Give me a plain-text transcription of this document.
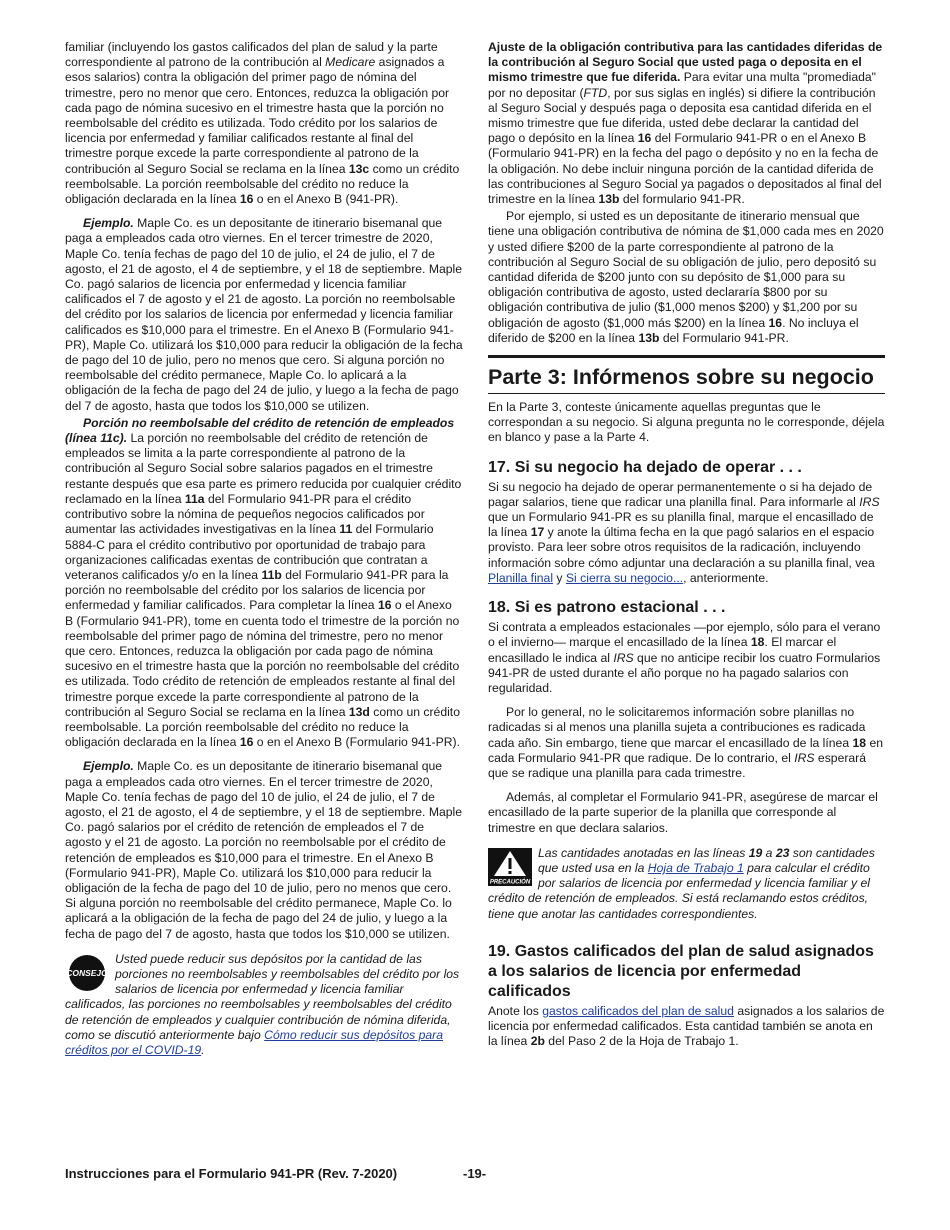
familiar (incluyendo los gastos calificados del plan de salud y la parte correspondiente al patrono de la contribución al Medicare asignados a esos salarios) contra la obligación del primer pago de nómina del trimestre, pero no menor que cero. Entonces, reduzca la obligación por cada pago de nómina sucesivo en el trimestre hasta que la porción no reembolsable del crédito es utilizada. Todo crédito por los salarios de licencia por enfermedad y familiar calificados restante al final del trimestre porque excede la parte correspondiente al patrono de la contribución al Seguro Social se reclama en la línea 13c como un crédito reembolsable. La porción reembolsable del crédito no reduce la obligación declarada en la línea 16 o en el Anexo B (941-PR).

Ejemplo. Maple Co. es un depositante de itinerario bisemanal que paga a empleados cada otro viernes. En el tercer trimestre de 2020, Maple Co. tenía fechas de pago del 10 de julio, el 24 de julio, el 7 de agosto, el 21 de agosto, el 4 de septiembre, y el 18 de septiembre. Maple Co. pagó salarios de licencia por enfermedad y licencia familiar calificados el 7 de agosto y el 21 de agosto. La porción no reembolsable del crédito por los salarios de licencia por enfermedad y licencia familiar calificados es $10,000 para el trimestre. En el Anexo B (Formulario 941-PR), Maple Co. utilizará los $10,000 para reducir la obligación de la fecha de pago del 10 de julio, pero no menos que cero. Si alguna porción no reembolsable del crédito permanece, Maple Co. lo aplicará a la obligación de la fecha de pago del 24 de julio, y luego a la fecha de pago del 7 de agosto, hasta que todos los $10,000 se utilizen.

Porción no reembolsable del crédito de retención de empleados (línea 11c). La porción no reembolsable del crédito de retención de empleados se limita a la parte correspondiente al patrono de la contribución al Seguro Social sobre salarios pagados en el trimestre restante después que esa parte es primero reducida por cualquier crédito reclamado en la línea 11a del Formulario 941-PR para el crédito contributivo sobre la nómina de pequeños negocios calificados por aumentar las actividades investigativas en la línea 11 del Formulario 5884-C para el crédito contributivo por oportunidad de trabajo para organizaciones calificadas exentas de contribución que contratan a veteranos calificados y/o en la línea 11b del Formulario 941-PR para la porción no reembolsable del crédito por los salarios de licencia por enfermedad y familiar calificados. Para completar la línea 16 o el Anexo B (Formulario 941-PR), tome en cuenta todo el trimestre de la porción no reembolsable del primer pago de nómina del trimestre, pero no menor que cero. Entonces, reduzca la obligación por cada pago de nómina sucesivo en el trimestre hasta que la porción no reembolsable del crédito es utilizada. Todo crédito de retención de empleados restante al final del trimestre porque excede la parte correspondiente al patrono de la contribución al Seguro Social se reclama en la línea 13d como un crédito reembolsable. La porción reembolsable del crédito no reduce la obligación declarada en la línea 16 o en el Anexo B (Formulario 941-PR).

Ejemplo. Maple Co. es un depositante de itinerario bisemanal que paga a empleados cada otro viernes. En el tercer trimestre de 2020, Maple Co. tenía fechas de pago del 10 de julio, el 24 de julio, el 7 de agosto, el 21 de agosto, el 4 de septiembre, y el 18 de septiembre. Maple Co. pagó salarios por el crédito de retención de empleados el 7 de agosto y el 21 de agosto. La porción no reembolsable por el crédito de retención de empleados es $10,000 para el trimestre. En el Anexo B (Formulario 941-PR), Maple Co. utilizará los $10,000 para reducir la obligación de la fecha de pago del 10 de julio, pero no menos que cero. Si alguna porción no reembolsable del crédito permanece, Maple Co. lo aplicará a la obligación de la fecha de pago del 24 de julio, y luego a la fecha de pago del 7 de agosto, hasta que todos los $10,000 se utilizen.

CONSEJO
Usted puede reducir sus depósitos por la cantidad de las porciones no reembolsables y reembolsables del crédito por los salarios de licencia por enfermedad y licencia familiar calificados, las porciones no reembolsables y reembolsables del crédito de retención de empleados y cualquier contribución de nómina diferida, como se discutió anteriormente bajo Cómo reducir sus depósitos para créditos por el COVID-19.

Ajuste de la obligación contributiva para las cantidades diferidas de la contribución al Seguro Social que usted paga o deposita en el mismo trimestre que fue diferida. Para evitar una multa "promediada" por no depositar (FTD, por sus siglas en inglés) si difiere la contribución al Seguro Social y después paga o deposita esa cantidad diferida en el mismo trimestre que fue diferida, usted debe declarar la cantidad del pago o depósito en la línea 16 del Formulario 941-PR o en el Anexo B (Formulario 941-PR) en la fecha del pago o depósito y no en la fecha de la obligación. No debe incluir ninguna porción de la cantidad diferida de las contribuciones al Seguro Social ya pagados o depositados al final del trimestre en la línea 13b del formulario 941-PR.

Por ejemplo, si usted es un depositante de itinerario mensual que tiene una obligación contributiva de nómina de $1,000 cada mes en 2020 y usted difiere $200 de la parte correspondiente al patrono de la contribución al Seguro Social de su obligación de julio, pero depositó su cantidad diferida de $200 junto con su depósito de $1,000 para su obligación contributiva de agosto, usted declararía $800 por su obligación contributiva de julio ($1,000 menos $200) y $1,200 por su obligación de agosto ($1,000 más $200) en la línea 16. No incluya el diferido de $200 en la línea 13b del Formulario 941-PR.

Parte 3: Infórmenos sobre su negocio

En la Parte 3, conteste únicamente aquellas preguntas que le correspondan a su negocio. Si alguna pregunta no le corresponde, déjela en blanco y pase a la Parte 4.

17. Si su negocio ha dejado de operar . . .

Si su negocio ha dejado de operar permanentemente o si ha dejado de pagar salarios, tiene que radicar una planilla final. Para informarle al IRS que un Formulario 941-PR es su planilla final, marque el encasillado de la línea 17 y anote la última fecha en la que pagó salarios en el espacio provisto. Para leer sobre otros requisitos de la radicación, incluyendo información sobre cómo adjuntar una declaración a su planilla final, vea Planilla final y Si cierra su negocio..., anteriormente.

18. Si es patrono estacional . . .

Si contrata a empleados estacionales —por ejemplo, sólo para el verano o el invierno— marque el encasillado de la línea 18. El marcar el encasillado le indica al IRS que no anticipe recibir los cuatro Formularios 941-PR de usted durante el año porque no ha pagado salarios con regularidad.

Por lo general, no le solicitaremos información sobre planillas no radicadas si al menos una planilla sujeta a contribuciones es radicada cada año. Sin embargo, tiene que marcar el encasillado de la línea 18 en cada Formulario 941-PR que radique. De lo contrario, el IRS esperará que se radique una planilla para cada trimestre.

Además, al completar el Formulario 941-PR, asegúrese de marcar el encasillado de la parte superior de la planilla que corresponde al trimestre en que declara salarios.

PRECAUCIÓN
Las cantidades anotadas en las líneas 19 a 23 son cantidades que usted usa en la Hoja de Trabajo 1 para calcular el crédito por salarios de licencia por enfermedad y licencia familiar y el crédito de retención de empleados. Si está reclamando estos créditos, tiene que anotar las cantidades correspondientes.
19. Gastos calificados del plan de salud asignados a los salarios de licencia por enfermedad calificados

Anote los gastos calificados del plan de salud asignados a los salarios de licencia por enfermedad calificados. Esta cantidad también se anota en la línea 2b del Paso 2 de la Hoja de Trabajo 1.

Instrucciones para el Formulario 941-PR (Rev. 7-2020)	-19-
